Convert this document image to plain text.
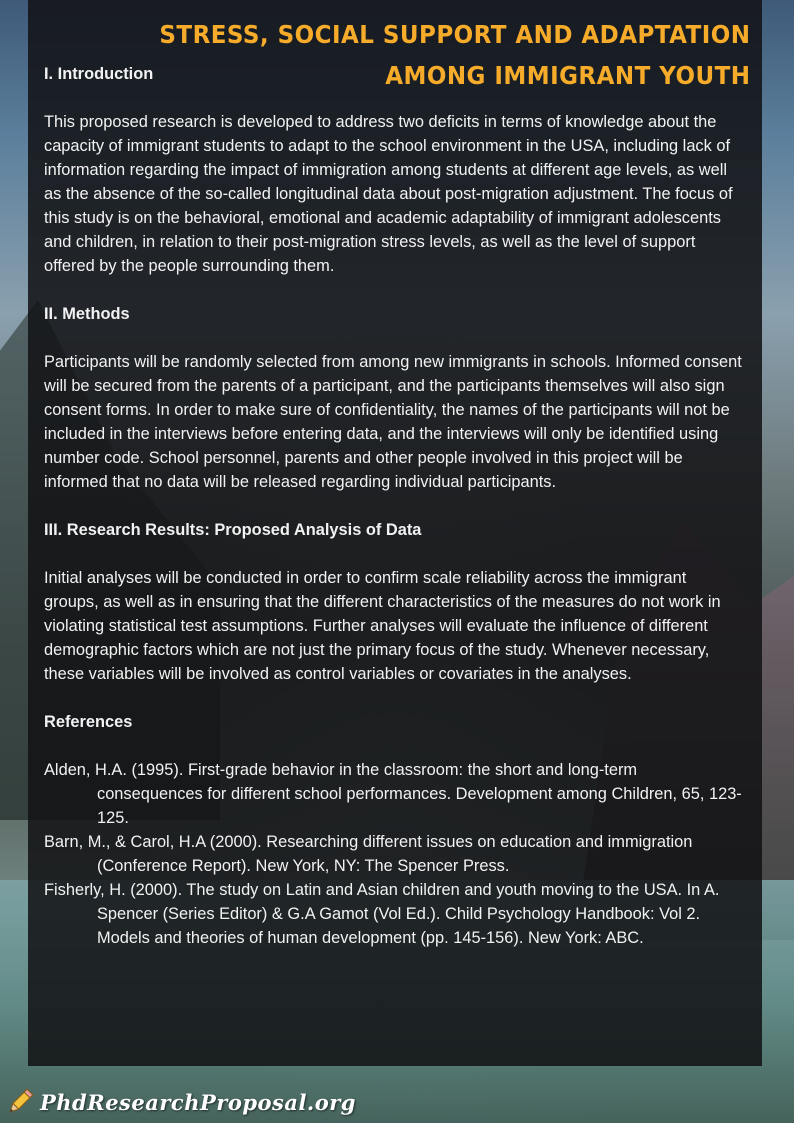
STRESS, SOCIAL SUPPORT AND ADAPTATION
AMONG IMMIGRANT YOUTH
I. Introduction
This proposed research is developed to address two deficits in terms of knowledge about the capacity of immigrant students to adapt to the school environment in the USA, including lack of information regarding the impact of immigration among students at different age levels, as well as the absence of the so-called longitudinal data about post-migration adjustment. The focus of this study is on the behavioral, emotional and academic adaptability of immigrant adolescents and children, in relation to their post-migration stress levels, as well as the level of support offered by the people surrounding them.
II. Methods
Participants will be randomly selected from among new immigrants in schools. Informed consent will be secured from the parents of a participant, and the participants themselves will also sign consent forms. In order to make sure of confidentiality, the names of the participants will not be included in the interviews before entering data, and the interviews will only be identified using number code. School personnel, parents and other people involved in this project will be informed that no data will be released regarding individual participants.
III. Research Results: Proposed Analysis of Data
Initial analyses will be conducted in order to confirm scale reliability across the immigrant groups, as well as in ensuring that the different characteristics of the measures do not work in violating statistical test assumptions. Further analyses will evaluate the influence of different demographic factors which are not just the primary focus of the study. Whenever necessary, these variables will be involved as control variables or covariates in the analyses.
References

Alden, H.A. (1995). First-grade behavior in the classroom: the short and long-term consequences for different school performances. Development among Children, 65, 123-125.

Barn, M., & Carol, H.A (2000). Researching different issues on education and immigration (Conference Report). New York, NY: The Spencer Press.

Fisherly, H. (2000). The study on Latin and Asian children and youth moving to the USA. In A. Spencer (Series Editor) & G.A Gamot (Vol Ed.). Child Psychology Handbook: Vol 2. Models and theories of human development (pp. 145-156). New York: ABC.

PhdResearchProposal.org
